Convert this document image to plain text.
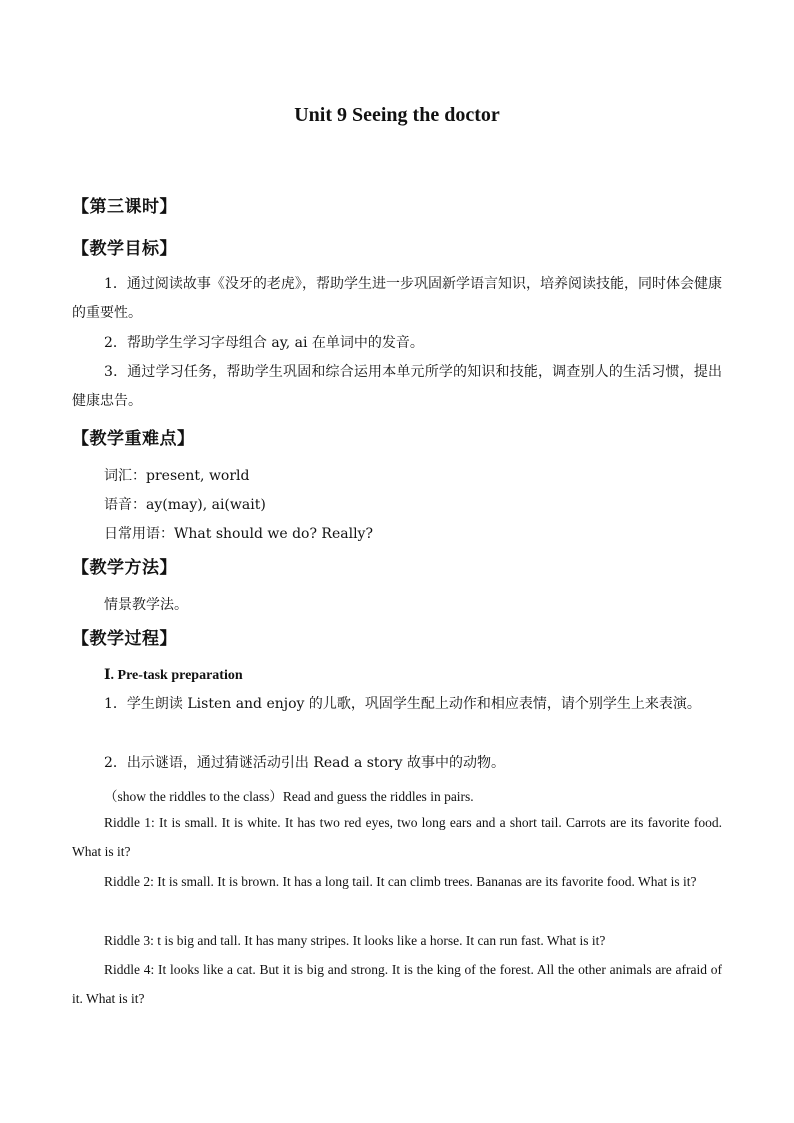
Unit 9 Seeing the doctor
【第三课时】
【教学目标】
1．通过阅读故事《没牙的老虎》，帮助学生进一步巩固新学语言知识，培养阅读技能，同时体会健康的重要性。
2．帮助学生学习字母组合 ay, ai 在单词中的发音。
3．通过学习任务，帮助学生巩固和综合运用本单元所学的知识和技能，调查别人的生活习惯，提出健康忠告。
【教学重难点】
词汇：present, world
语音：ay(may), ai(wait)
日常用语：What should we do? Really?
【教学方法】
情景教学法。
【教学过程】
Ⅰ. Pre-task preparation
1．学生朗读 Listen and enjoy 的儿歌，巩固学生配上动作和相应表情，请个别学生上来表演。
2．出示谜语，通过猜谜活动引出 Read a story 故事中的动物。
（show the riddles to the class）Read and guess the riddles in pairs.
Riddle 1: It is small. It is white. It has two red eyes, two long ears and a short tail. Carrots are its favorite food. What is it?
Riddle 2: It is small. It is brown. It has a long tail. It can climb trees. Bananas are its favorite food. What is it?
Riddle 3: t is big and tall. It has many stripes. It looks like a horse. It can run fast. What is it?
Riddle 4: It looks like a cat. But it is big and strong. It is the king of the forest. All the other animals are afraid of it. What is it?
